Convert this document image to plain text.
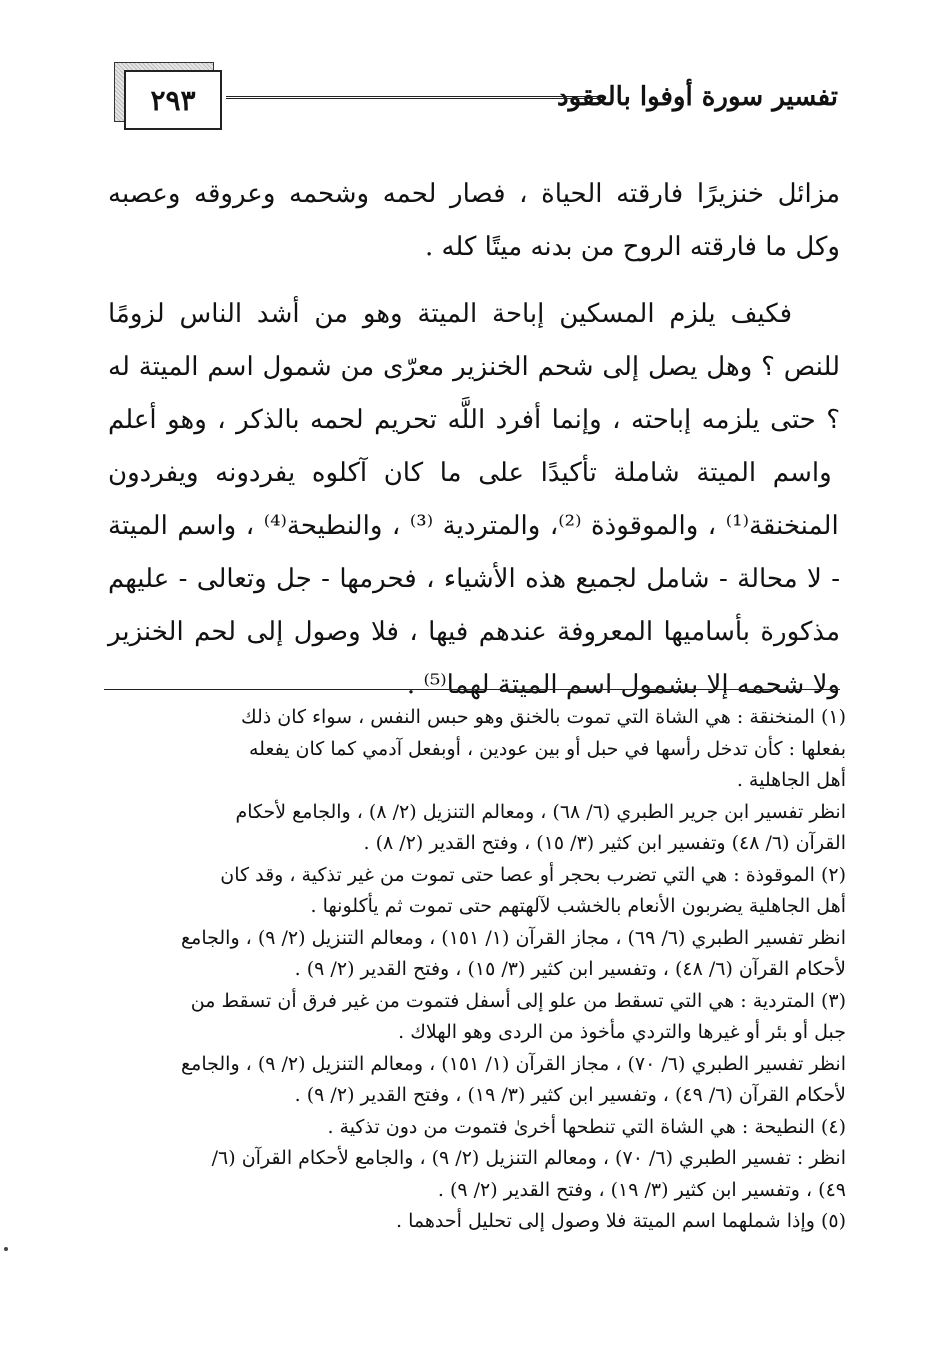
تفسير سورة أوفوا بالعقود
٢٩٣

مزائل خنزيرًا فارقته الحياة ، فصار لحمه وشحمه وعروقه وعصبه وكل ما فارقته الروح من بدنه ميتًا كله .

فكيف يلزم المسكين إباحة الميتة وهو من أشد الناس لزومًا للنص ؟ وهل يصل إلى شحم الخنزير معرّى من شمول اسم الميتة له ؟ حتى يلزمه إباحته ، وإنما أفرد اللَّه تحريم لحمه بالذكر ، وهو أعلم واسم الميتة شاملة تأكيدًا على ما كان آكلوه يفردونه ويفردون المنخنقة⁽¹⁾ ، والموقوذة ⁽²⁾، والمتردية ⁽³⁾ ، والنطيحة⁽⁴⁾ ، واسم الميتة - لا محالة - شامل لجميع هذه الأشياء ، فحرمها - جل وتعالى - عليهم مذكورة بأساميها المعروفة عندهم فيها ، فلا وصول إلى لحم الخنزير ولا شحمه إلا بشمول اسم الميتة لهما⁽⁵⁾ .

(١) المنخنقة : هي الشاة التي تموت بالخنق وهو حبس النفس ، سواء كان ذلك
بفعلها : كأن تدخل رأسها في حبل أو بين عودين ، أوبفعل آدمي كما كان يفعله
أهل الجاهلية .
انظر تفسير ابن جرير الطبري (٦/ ٦٨) ، ومعالم التنزيل (٢/ ٨) ، والجامع لأحكام
القرآن (٦/ ٤٨) وتفسير ابن كثير (٣/ ١٥) ، وفتح القدير (٢/ ٨) .
(٢) الموقوذة : هي التي تضرب بحجر أو عصا حتى تموت من غير تذكية ، وقد كان
أهل الجاهلية يضربون الأنعام بالخشب لآلهتهم حتى تموت ثم يأكلونها .
انظر تفسير الطبري (٦/ ٦٩) ، مجاز القرآن (١/ ١٥١) ، ومعالم التنزيل (٢/ ٩) ، والجامع
لأحكام القرآن (٦/ ٤٨) ، وتفسير ابن كثير (٣/ ١٥) ، وفتح القدير (٢/ ٩) .
(٣) المتردية : هي التي تسقط من علو إلى أسفل فتموت من غير فرق أن تسقط من
جبل أو بئر أو غيرها والتردي مأخوذ من الردى وهو الهلاك .
انظر تفسير الطبري (٦/ ٧٠) ، مجاز القرآن (١/ ١٥١) ، ومعالم التنزيل (٢/ ٩) ، والجامع
لأحكام القرآن (٦/ ٤٩) ، وتفسير ابن كثير (٣/ ١٩) ، وفتح القدير (٢/ ٩) .
(٤) النطيحة : هي الشاة التي تنطحها أخرىٰ فتموت من دون تذكية .
انظر : تفسير الطبري (٦/ ٧٠) ، ومعالم التنزيل (٢/ ٩) ، والجامع لأحكام القرآن (٦/
٤٩) ، وتفسير ابن كثير (٣/ ١٩) ، وفتح القدير (٢/ ٩) .
(٥) وإذا شملهما اسم الميتة فلا وصول إلى تحليل أحدهما .
